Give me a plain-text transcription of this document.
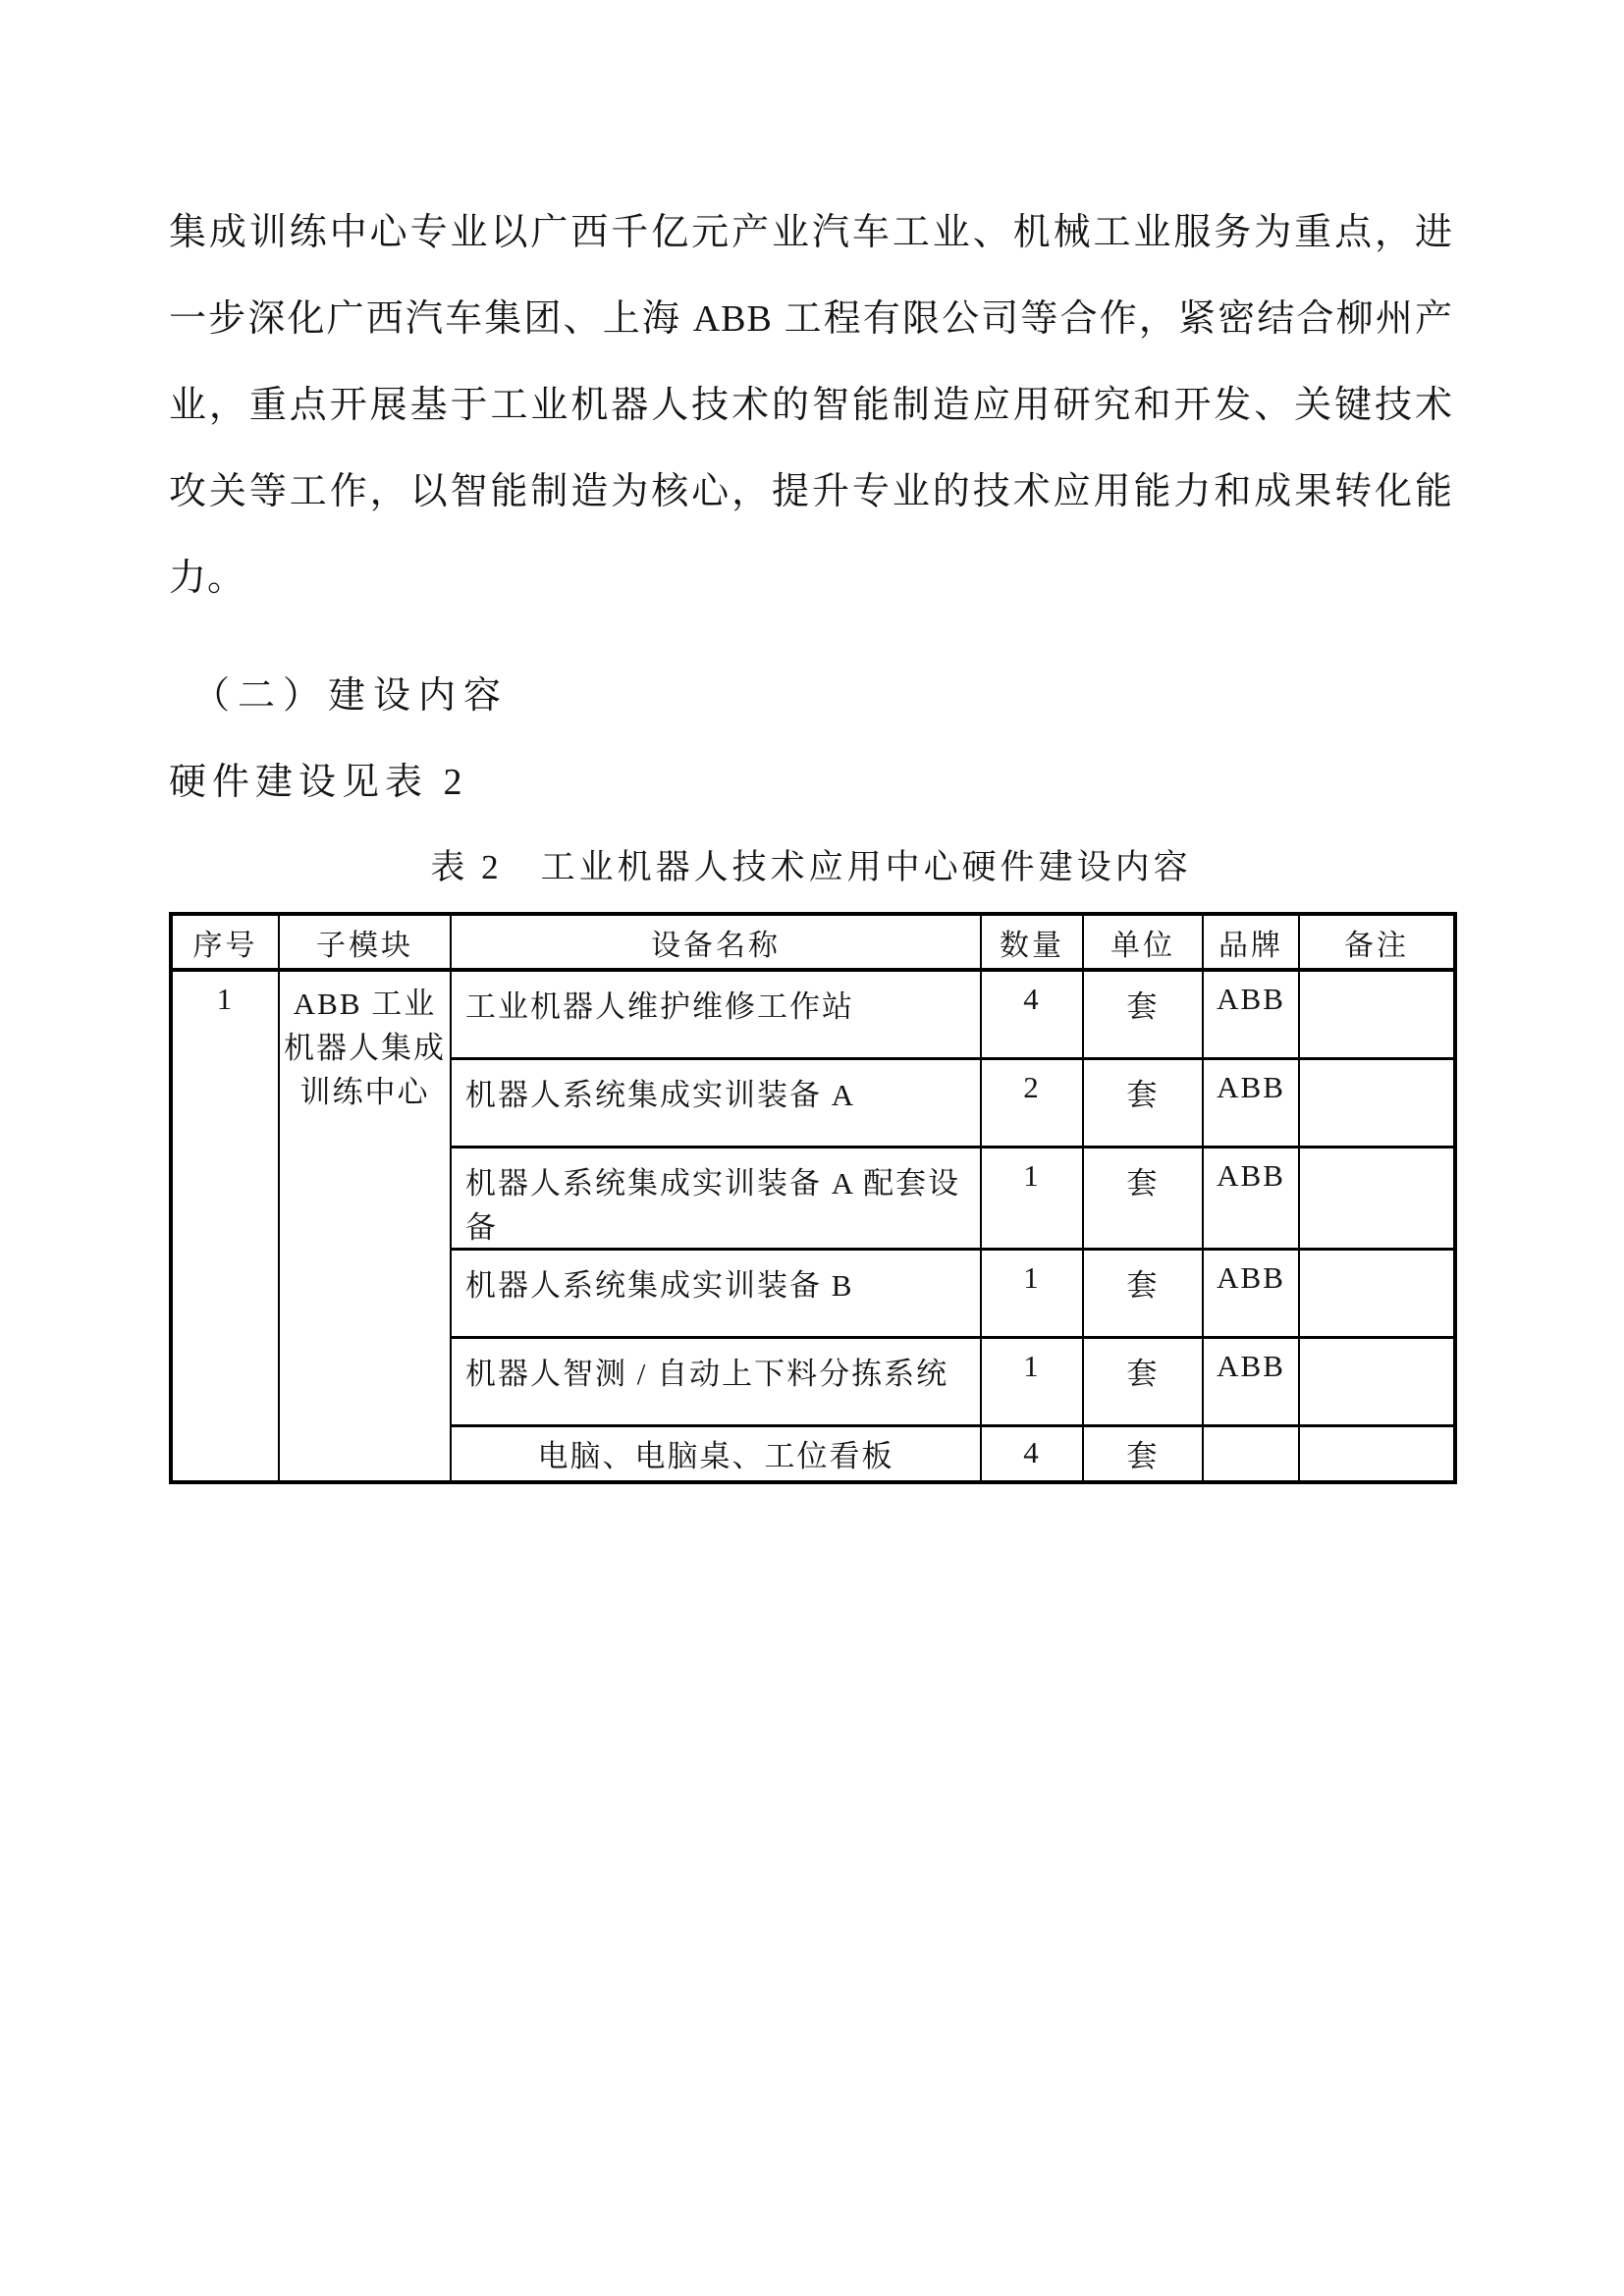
集成训练中心专业以广西千亿元产业汽车工业、机械工业服务为重点，进
一步深化广西汽车集团、上海 ABB 工程有限公司等合作，紧密结合柳州产
业，重点开展基于工业机器人技术的智能制造应用研究和开发、关键技术
攻关等工作，以智能制造为核心，提升专业的技术应用能力和成果转化能
力。
（二）建设内容
硬件建设见表 2
表 2　工业机器人技术应用中心硬件建设内容
序号	子模块	设备名称	数量	单位	品牌	备注
1	ABB 工业机器人集成训练中心	工业机器人维护维修工作站	4	套	ABB	
		机器人系统集成实训装备 A	2	套	ABB	
		机器人系统集成实训装备 A 配套设备	1	套	ABB	
		机器人系统集成实训装备 B	1	套	ABB	
		机器人智测 / 自动上下料分拣系统	1	套	ABB	
		电脑、电脑桌、工位看板	4	套		
